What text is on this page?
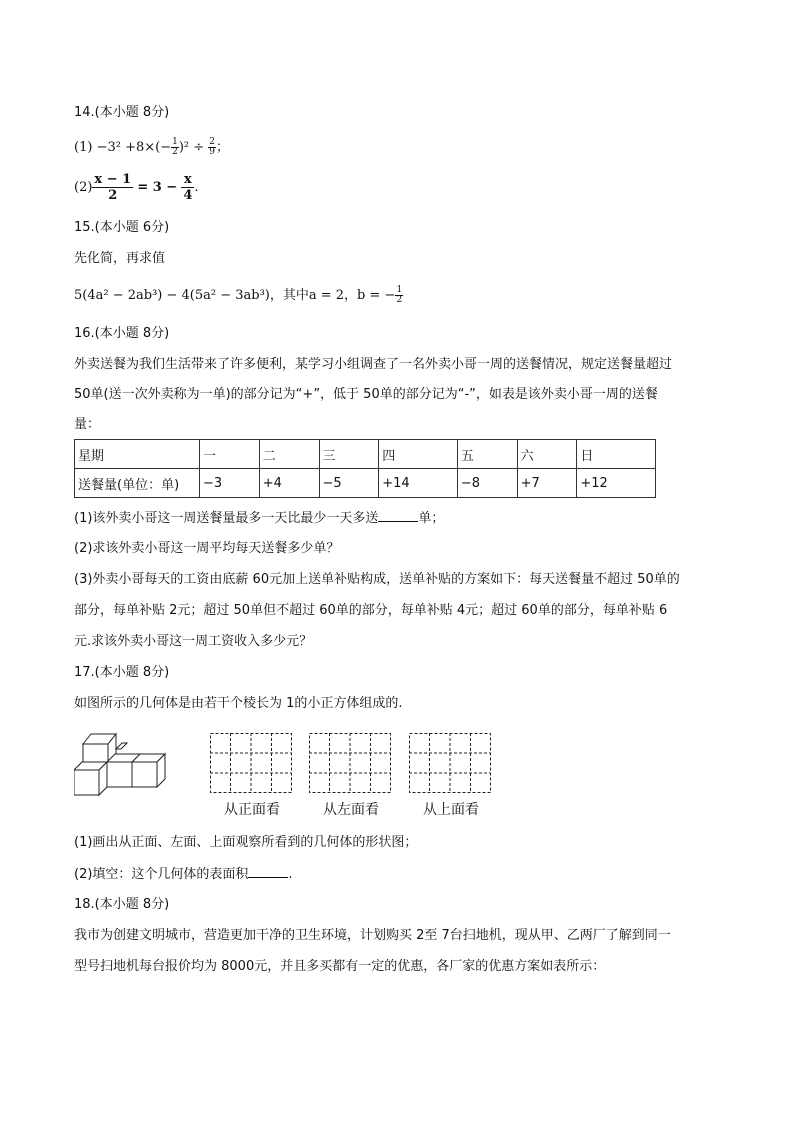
14.(本小题 8分)
$(1) -3^2 +8\times(- \frac{1}{2} )^2 \div \frac{2}{9}$ ；
$(2) \frac{x - 1}{2} = 3 - \frac{x}{4}$ .
15.(本小题 6分)
先化简，再求值
5(4a² − 2ab³) − 4(5a² − 3ab³)，其中a = 2，b = − $\frac{1}{2}$
16.(本小题 8分)
外卖送餐为我们生活带来了许多便利，某学习小组调查了一名外卖小哥一周的送餐情况，规定送餐量超过
50单(送一次外卖称为一单)的部分记为“+”，低于 50单的部分记为“-”，如表是该外卖小哥一周的送餐
量：
星期	一	二	三	四	五	六	日
送餐量(单位：单)	−3	+4	−5	+14	−8	+7	+12
(1)该外卖小哥这一周送餐量最多一天比最少一天多送	单；
(2)求该外卖小哥这一周平均每天送餐多少单？
(3)外卖小哥每天的工资由底薪 60元加上送单补贴构成，送单补贴的方案如下：每天送餐量不超过 50单的
部分，每单补贴 2元；超过 50单但不超过 60单的部分，每单补贴 4元；超过 60单的部分，每单补贴 6
元.求该外卖小哥这一周工资收入多少元？
17.(本小题 8分)
如图所示的几何体是由若干个棱长为 1的小正方体组成的.
从正面看	从左面看	从上面看
(1)画出从正面、左面、上面观察所看到的几何体的形状图；
(2)填空：这个几何体的表面积	.
18.(本小题 8分)
我市为创建文明城市，营造更加干净的卫生环境，计划购买 2至 7台扫地机，现从甲、乙两厂了解到同一
型号扫地机每台报价均为 8000元，并且多买都有一定的优惠，各厂家的优惠方案如表所示：
